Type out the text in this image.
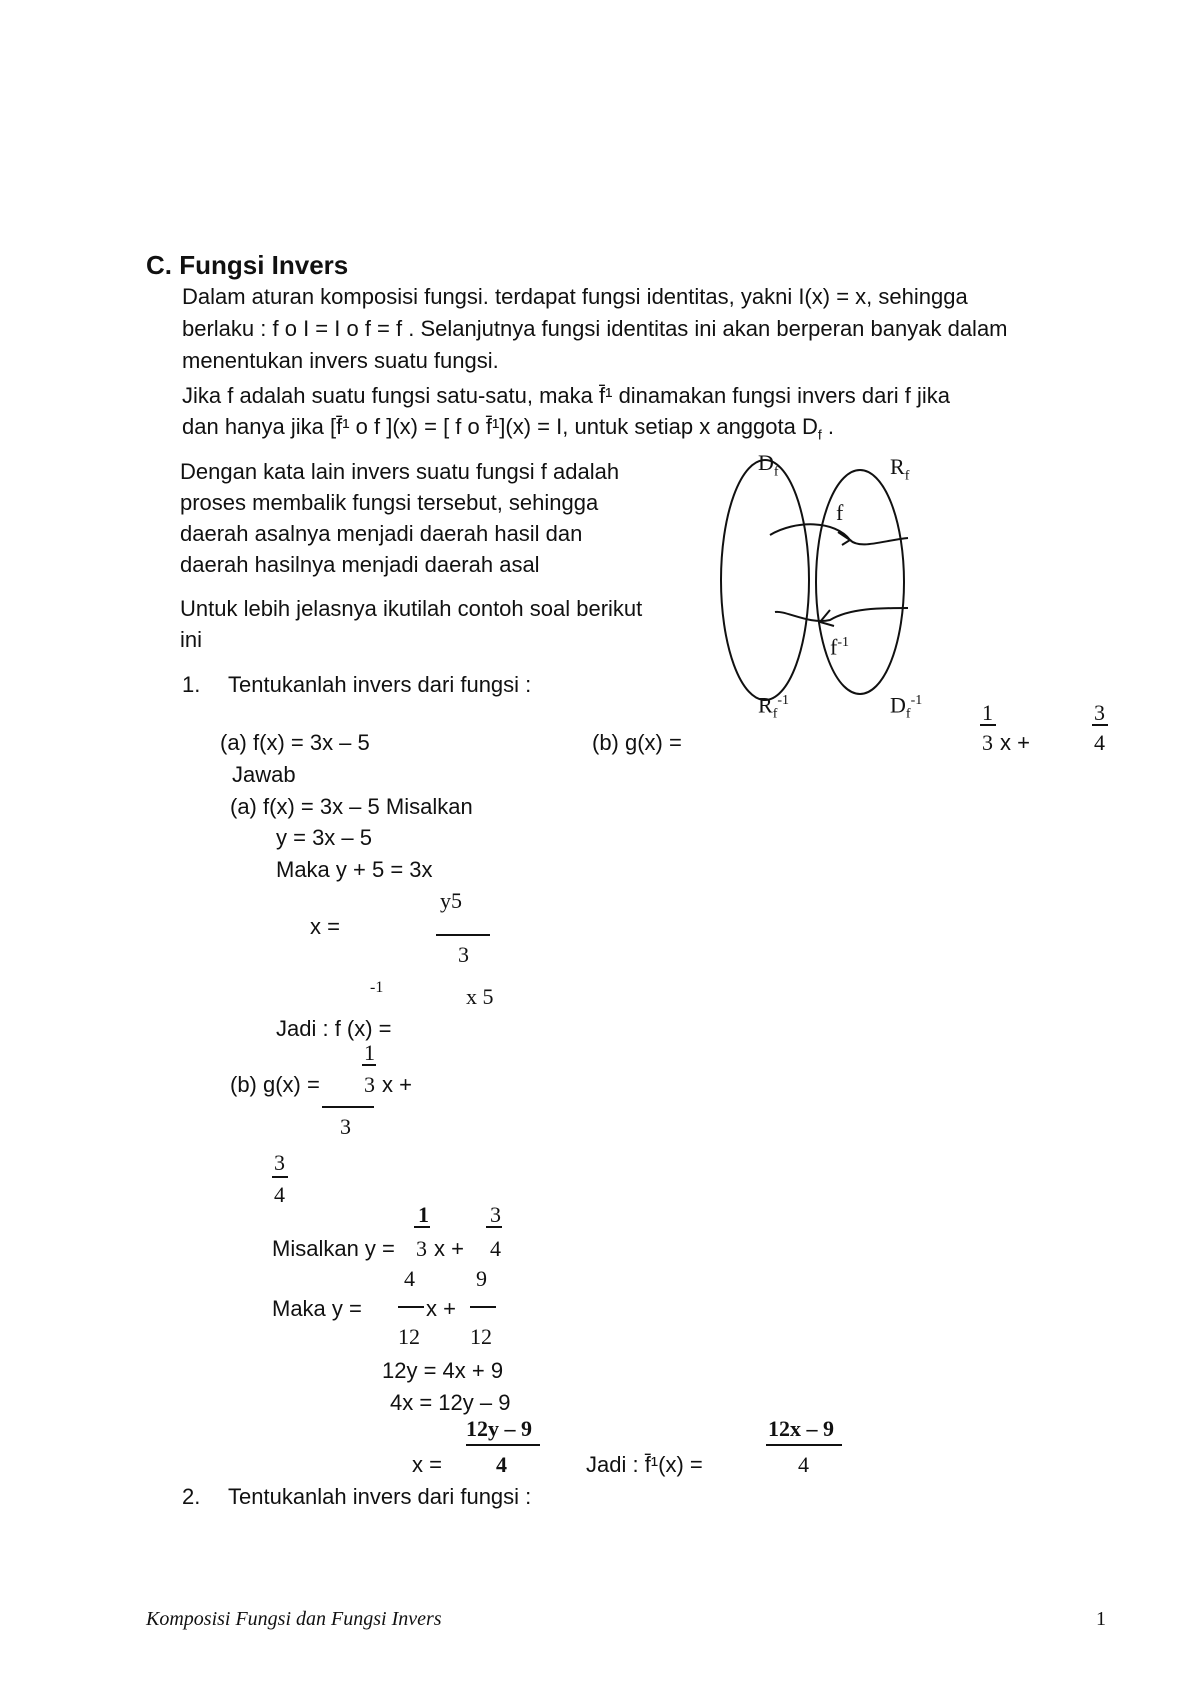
C. Fungsi Invers
Dalam aturan komposisi fungsi. terdapat fungsi identitas, yakni I(x) = x, sehingga
berlaku : f o I = I o f = f . Selanjutnya fungsi identitas ini akan berperan banyak dalam
menentukan invers suatu fungsi.
Jika f adalah suatu fungsi satu-satu, maka f̄¹ dinamakan fungsi invers dari f jika
dan hanya jika [f̄¹ o f ](x) = [ f o f̄¹](x) = I, untuk setiap x anggota $D_f$ .
Dengan kata lain invers suatu fungsi f adalah
proses membalik fungsi tersebut, sehingga
daerah asalnya menjadi daerah hasil dan
daerah hasilnya menjadi daerah asal
Untuk lebih jelasnya ikutilah contoh soal berikut
ini
$D_f$	$R_f$
f
$f^{-1}$
$R_f^{-1}$	$D_f^{-1}$
1. Tentukanlah invers dari fungsi :
(a) f(x) = 3x – 5	(b) g(x) =
1
3 x +
3
4
Jawab
(a) f(x) = 3x – 5 Misalkan
y = 3x – 5
Maka y + 5 = 3x
y5
x =
3
-1	x 5
Jadi : f (x) =
1
(b) g(x) = 3 x +
3
3
4
1	3
Misalkan y = 3 x + 4
4	9
Maka y =	x +
12 12
12y = 4x + 9
4x = 12y – 9
12y – 9
x = 4	Jadi : f̄¹(x) =
12x – 9
4
2. Tentukanlah invers dari fungsi :
Komposisi Fungsi dan Fungsi Invers	1
